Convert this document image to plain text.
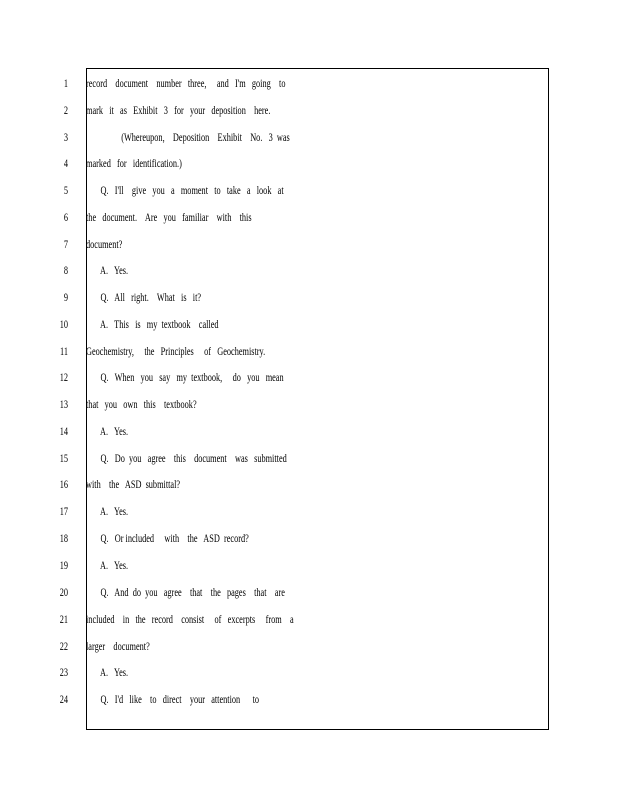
1 record    document    number   three,     and   I'm   going    to
2 mark   it   as   Exhibit   3   for   your   deposition    here.
3 (Whereupon,    Deposition    Exhibit    No.   3  was
4 marked   for   identification.)
5 Q.   I'll    give   you   a   moment   to   take   a   look   at
6 the   document.    Are   you   familiar    with    this
7 document?
8 A.   Yes.
9 Q.   All   right.    What   is   it?
10 A.   This   is   my  textbook    called
11 Geochemistry,     the   Principles     of   Geochemistry.
12 Q.   When   you   say   my  textbook,     do   you   mean
13 that   you   own   this    textbook?
14 A.   Yes.
15 Q.   Do  you   agree    this    document    was   submitted
16 with    the   ASD  submittal?
17 A.   Yes.
18 Q.   Or included     with    the   ASD  record?
19 A.   Yes.
20 Q.   And  do  you   agree    that    the   pages    that    are
21 included    in   the   record    consist     of   excerpts     from    a
22 larger    document?
23 A.   Yes.
24 Q.   I'd   like    to   direct    your   attention      to
